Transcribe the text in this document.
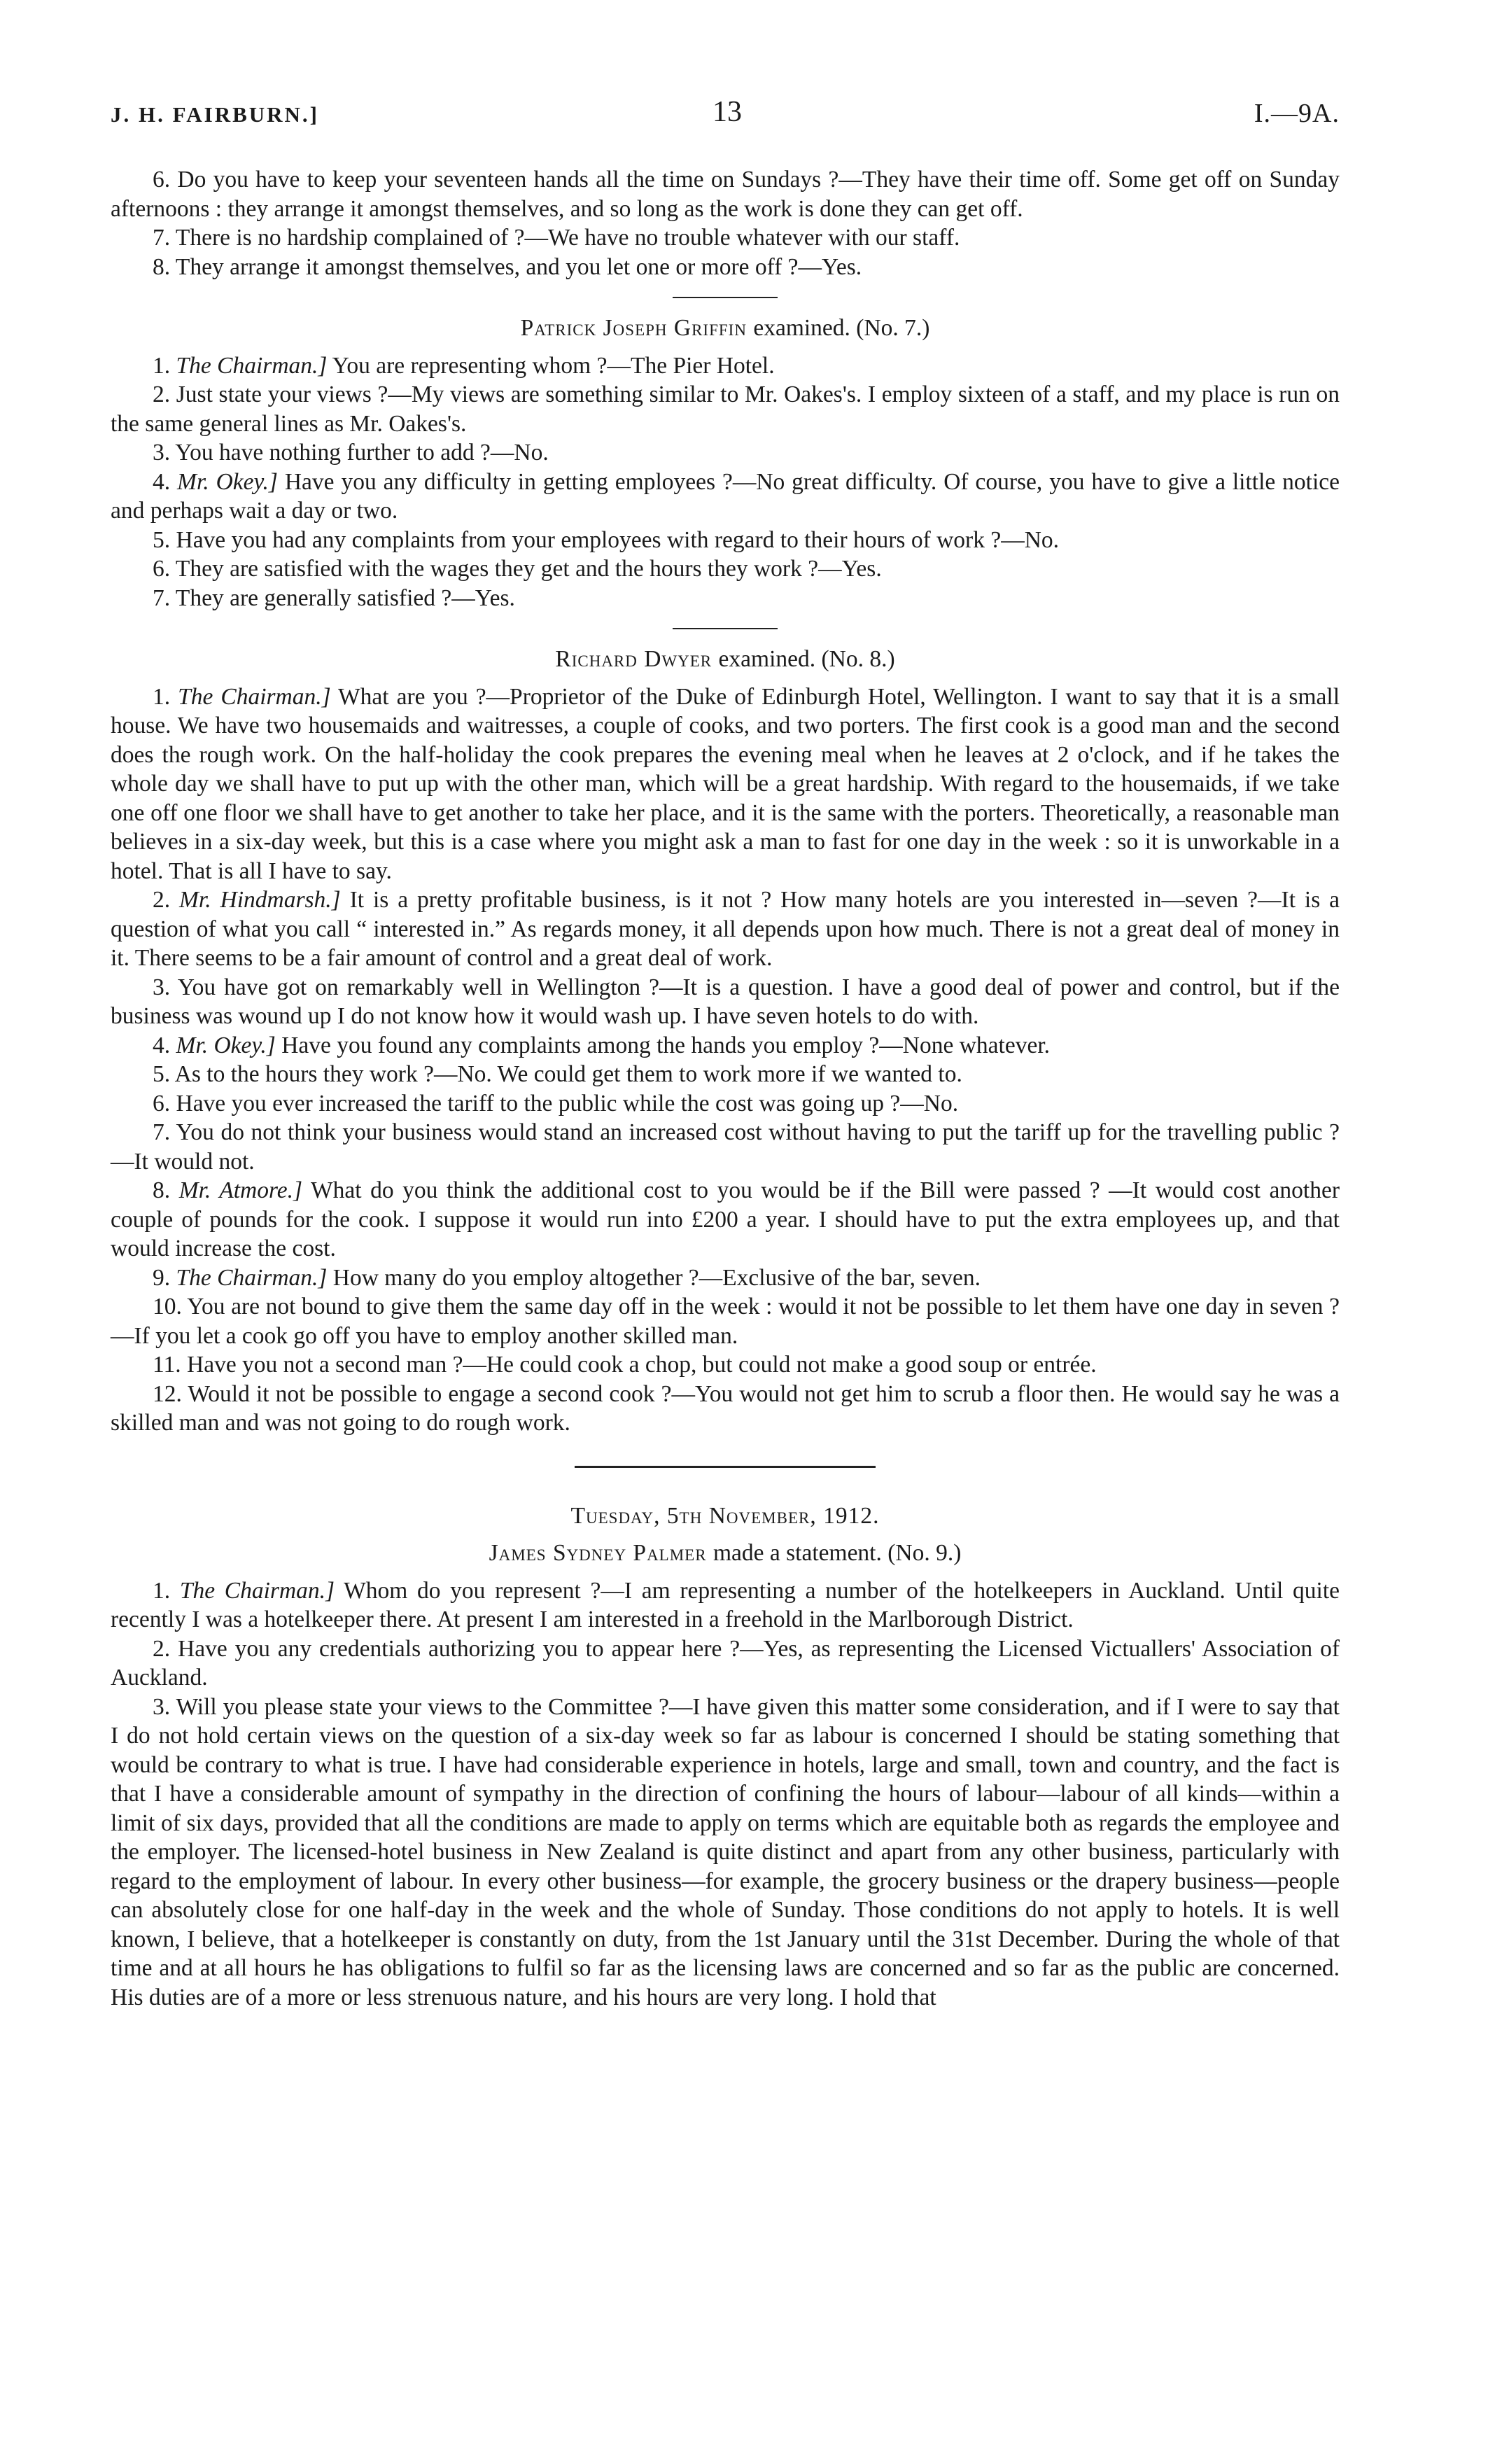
J. H. FAIRBURN.]	13	I.—9A.

6. Do you have to keep your seventeen hands all the time on Sundays ?—They have their time off. Some get off on Sunday afternoons : they arrange it amongst themselves, and so long as the work is done they can get off.

7. There is no hardship complained of ?—We have no trouble whatever with our staff.

8. They arrange it amongst themselves, and you let one or more off ?—Yes.

Patrick Joseph Griffin examined. (No. 7.)

1. The Chairman.] You are representing whom ?—The Pier Hotel.

2. Just state your views ?—My views are something similar to Mr. Oakes's. I employ sixteen of a staff, and my place is run on the same general lines as Mr. Oakes's.

3. You have nothing further to add ?—No.

4. Mr. Okey.] Have you any difficulty in getting employees ?—No great difficulty. Of course, you have to give a little notice and perhaps wait a day or two.

5. Have you had any complaints from your employees with regard to their hours of work ?—No.

6. They are satisfied with the wages they get and the hours they work ?—Yes.

7. They are generally satisfied ?—Yes.

Richard Dwyer examined. (No. 8.)

1. The Chairman.] What are you ?—Proprietor of the Duke of Edinburgh Hotel, Wellington. I want to say that it is a small house. We have two housemaids and waitresses, a couple of cooks, and two porters. The first cook is a good man and the second does the rough work. On the half-holiday the cook prepares the evening meal when he leaves at 2 o'clock, and if he takes the whole day we shall have to put up with the other man, which will be a great hardship. With regard to the housemaids, if we take one off one floor we shall have to get another to take her place, and it is the same with the porters. Theoretically, a reasonable man believes in a six-day week, but this is a case where you might ask a man to fast for one day in the week : so it is unworkable in a hotel. That is all I have to say.

2. Mr. Hindmarsh.] It is a pretty profitable business, is it not ? How many hotels are you interested in—seven ?—It is a question of what you call “ interested in.” As regards money, it all depends upon how much. There is not a great deal of money in it. There seems to be a fair amount of control and a great deal of work.

3. You have got on remarkably well in Wellington ?—It is a question. I have a good deal of power and control, but if the business was wound up I do not know how it would wash up. I have seven hotels to do with.

4. Mr. Okey.] Have you found any complaints among the hands you employ ?—None whatever.

5. As to the hours they work ?—No. We could get them to work more if we wanted to.

6. Have you ever increased the tariff to the public while the cost was going up ?—No.

7. You do not think your business would stand an increased cost without having to put the tariff up for the travelling public ?—It would not.

8. Mr. Atmore.] What do you think the additional cost to you would be if the Bill were passed ? —It would cost another couple of pounds for the cook. I suppose it would run into £200 a year. I should have to put the extra employees up, and that would increase the cost.

9. The Chairman.] How many do you employ altogether ?—Exclusive of the bar, seven.

10. You are not bound to give them the same day off in the week : would it not be possible to let them have one day in seven ?—If you let a cook go off you have to employ another skilled man.

11. Have you not a second man ?—He could cook a chop, but could not make a good soup or entrée.

12. Would it not be possible to engage a second cook ?—You would not get him to scrub a floor then. He would say he was a skilled man and was not going to do rough work.

Tuesday, 5th November, 1912.

James Sydney Palmer made a statement. (No. 9.)

1. The Chairman.] Whom do you represent ?—I am representing a number of the hotelkeepers in Auckland. Until quite recently I was a hotelkeeper there. At present I am interested in a freehold in the Marlborough District.

2. Have you any credentials authorizing you to appear here ?—Yes, as representing the Licensed Victuallers' Association of Auckland.

3. Will you please state your views to the Committee ?—I have given this matter some consideration, and if I were to say that I do not hold certain views on the question of a six-day week so far as labour is concerned I should be stating something that would be contrary to what is true. I have had considerable experience in hotels, large and small, town and country, and the fact is that I have a considerable amount of sympathy in the direction of confining the hours of labour—labour of all kinds—within a limit of six days, provided that all the conditions are made to apply on terms which are equitable both as regards the employee and the employer. The licensed-hotel business in New Zealand is quite distinct and apart from any other business, particularly with regard to the employment of labour. In every other business—for example, the grocery business or the drapery business—people can absolutely close for one half-day in the week and the whole of Sunday. Those conditions do not apply to hotels. It is well known, I believe, that a hotelkeeper is constantly on duty, from the 1st January until the 31st December. During the whole of that time and at all hours he has obligations to fulfil so far as the licensing laws are concerned and so far as the public are concerned. His duties are of a more or less strenuous nature, and his hours are very long. I hold that
